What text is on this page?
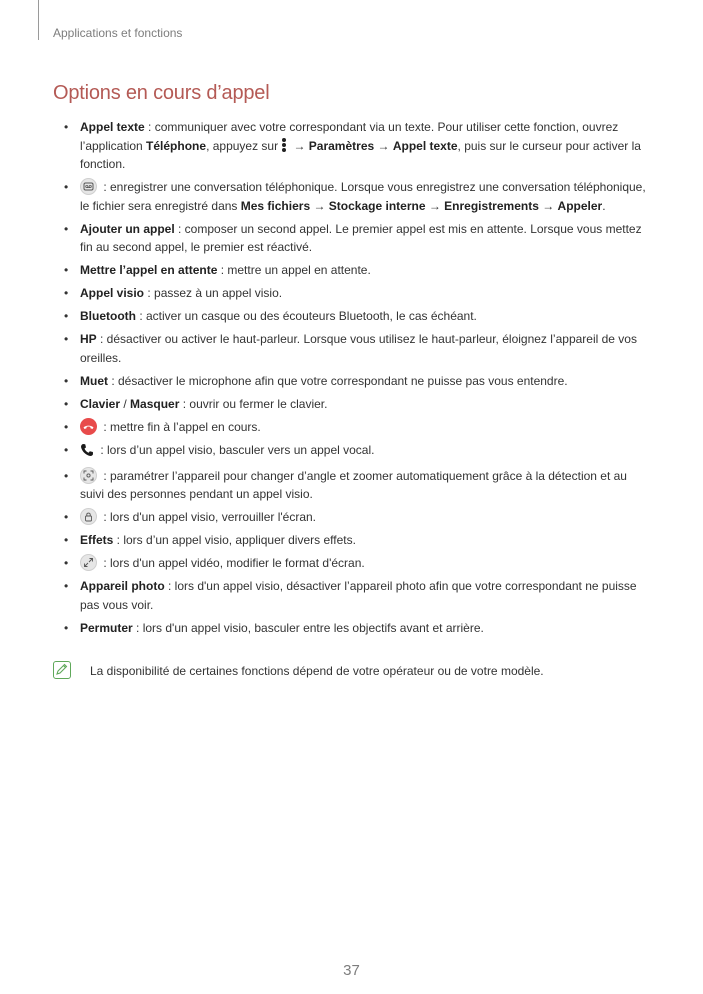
Applications et fonctions
Options en cours d’appel
• Appel texte : communiquer avec votre correspondant via un texte. Pour utiliser cette fonction, ouvrez l’application Téléphone, appuyez sur
→ Paramètres → Appel texte, puis sur le curseur pour activer la fonction.
• : enregistrer une conversation téléphonique. Lorsque vous enregistrez une conversation téléphonique, le fichier sera enregistré dans Mes fichiers → Stockage interne → Enregistrements → Appeler.
• Ajouter un appel : composer un second appel. Le premier appel est mis en attente. Lorsque vous mettez fin au second appel, le premier est réactivé.
• Mettre l’appel en attente : mettre un appel en attente.
• Appel visio : passez à un appel visio.
• Bluetooth : activer un casque ou des écouteurs Bluetooth, le cas échéant.
• HP : désactiver ou activer le haut-parleur. Lorsque vous utilisez le haut-parleur, éloignez l’appareil de vos oreilles.
• Muet : désactiver le microphone afin que votre correspondant ne puisse pas vous entendre.
• Clavier / Masquer : ouvrir ou fermer le clavier.
• : mettre fin à l’appel en cours.
• : lors d’un appel visio, basculer vers un appel vocal.
• : paramétrer l’appareil pour changer d’angle et zoomer automatiquement grâce à la détection et au suivi des personnes pendant un appel visio.
• : lors d'un appel visio, verrouiller l'écran.
• Effets : lors d’un appel visio, appliquer divers effets.
• : lors d'un appel vidéo, modifier le format d'écran.
• Appareil photo : lors d'un appel visio, désactiver l’appareil photo afin que votre correspondant ne puisse pas vous voir.
• Permuter : lors d'un appel visio, basculer entre les objectifs avant et arrière.
La disponibilité de certaines fonctions dépend de votre opérateur ou de votre modèle.
37
